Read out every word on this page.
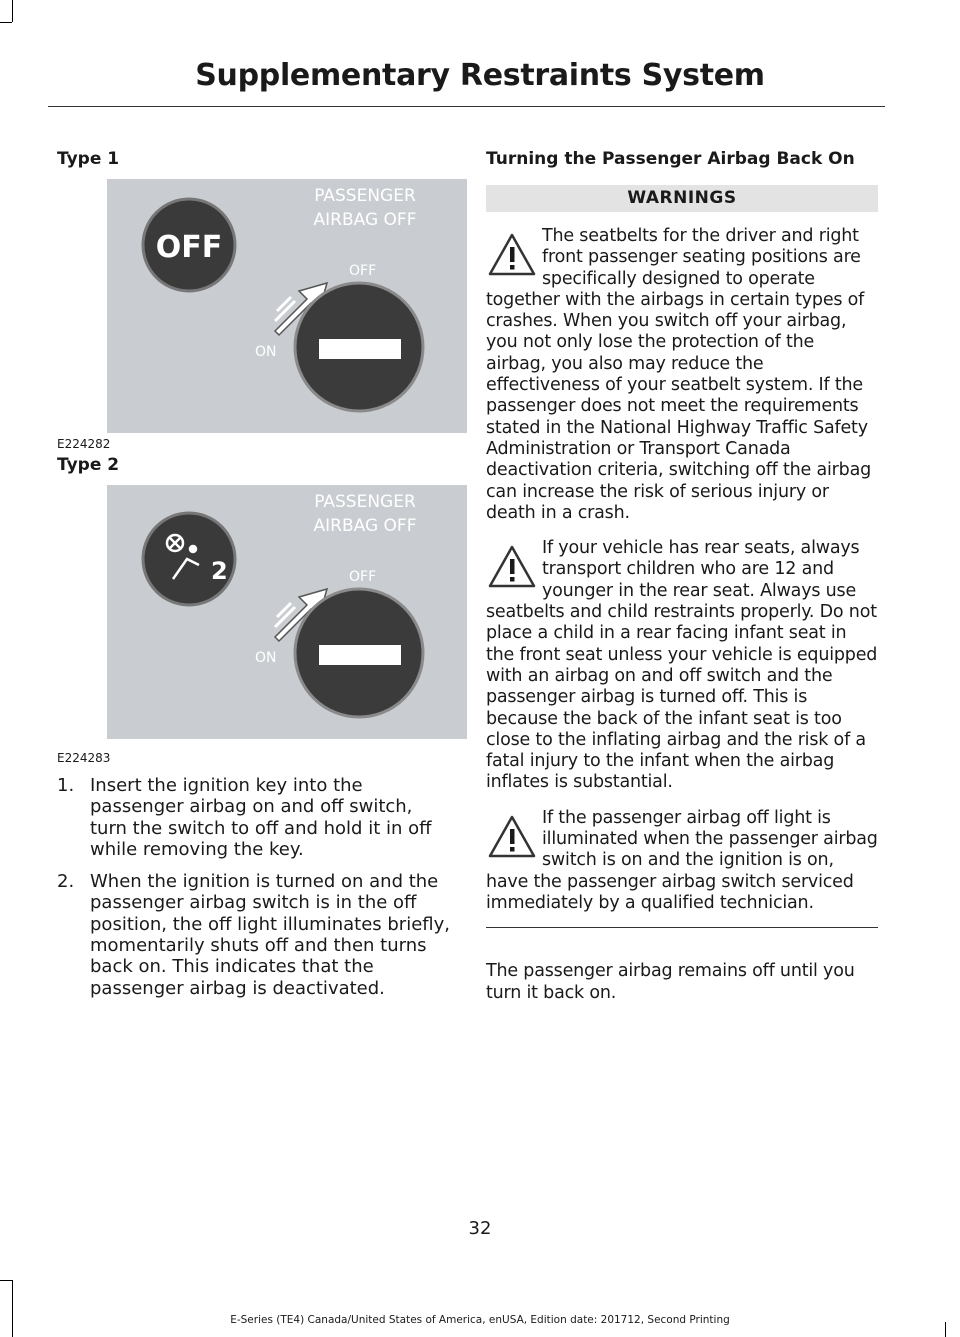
Supplementary Restraints System
Type 1
PASSENGER
AIRBAG OFF
OFF
OFF
ON
E224282
Type 2
PASSENGER
AIRBAG OFF
2	OFF
ON
E224283
1. Insert the ignition key into the passenger airbag on and off switch, turn the switch to off and hold it in off while removing the key.
2. When the ignition is turned on and the passenger airbag switch is in the off position, the off light illuminates briefly, momentarily shuts off and then turns back on. This indicates that the passenger airbag is deactivated.
Turning the Passenger Airbag Back On
WARNINGS
The seatbelts for the driver and right front passenger seating positions are specifically designed to operate together with the airbags in certain types of crashes. When you switch off your airbag, you not only lose the protection of the airbag, you also may reduce the effectiveness of your seatbelt system. If the passenger does not meet the requirements stated in the National Highway Traffic Safety Administration or Transport Canada deactivation criteria, switching off the airbag can increase the risk of serious injury or death in a crash.
If your vehicle has rear seats, always transport children who are 12 and younger in the rear seat. Always use seatbelts and child restraints properly. Do not place a child in a rear facing infant seat in the front seat unless your vehicle is equipped with an airbag on and off switch and the passenger airbag is turned off. This is because the back of the infant seat is too close to the inflating airbag and the risk of a fatal injury to the infant when the airbag inflates is substantial.
If the passenger airbag off light is illuminated when the passenger airbag switch is on and the ignition is on, have the passenger airbag switch serviced immediately by a qualified technician.
The passenger airbag remains off until you turn it back on.
32
E-Series (TE4) Canada/United States of America, enUSA, Edition date: 201712, Second Printing
